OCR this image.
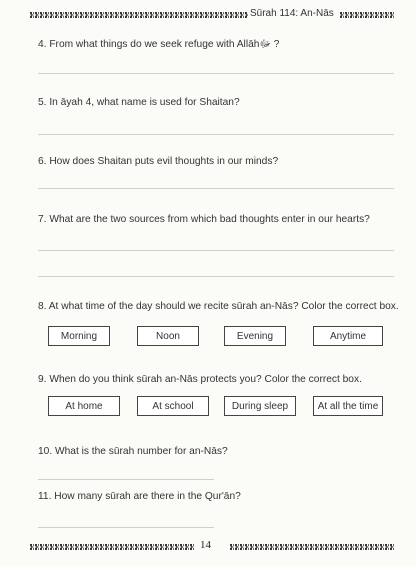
Sūrah 114: An-Nās
4. From what things do we seek refuge with Allāhﷻ ?
5. In āyah 4, what name is used for Shaitan?
6. How does Shaitan puts evil thoughts in our minds?
7. What are the two sources from which bad thoughts enter in our hearts?
8. At what time of the day should we recite sūrah an-Nās? Color the correct box.
Morning	Noon	Evening	Anytime
9. When do you think sūrah an-Nās protects you? Color the correct box.
At home	At school	During sleep	At all the time
10. What is the sūrah number for an-Nās?
11. How many sūrah are there in the Qur'ān?
14
